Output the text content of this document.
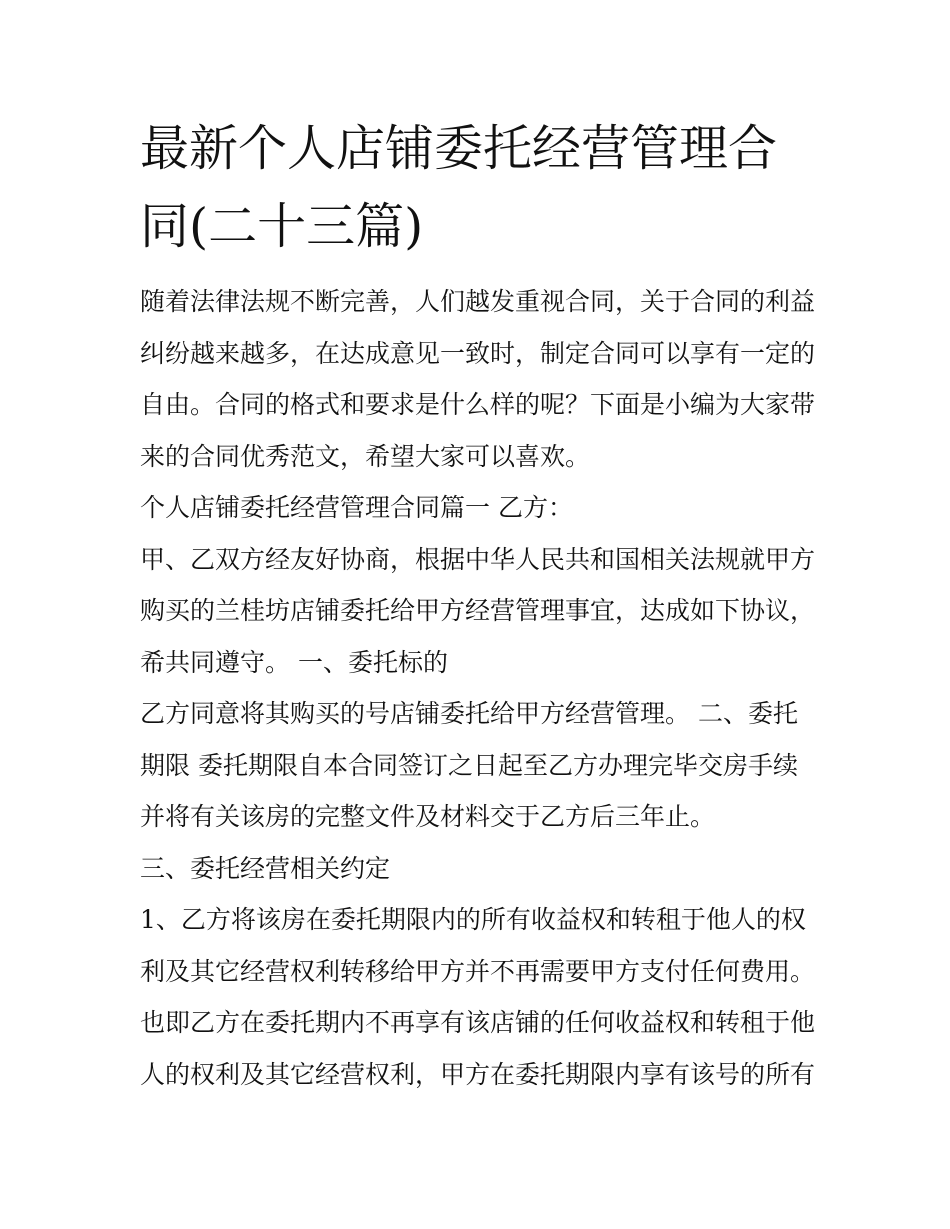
最新个人店铺委托经营管理合
同(二十三篇)
随着法律法规不断完善，人们越发重视合同，关于合同的利益
纠纷越来越多，在达成意见一致时，制定合同可以享有一定的
自由。合同的格式和要求是什么样的呢？下面是小编为大家带
来的合同优秀范文，希望大家可以喜欢。
个人店铺委托经营管理合同篇一 乙方：
甲、乙双方经友好协商，根据中华人民共和国相关法规就甲方
购买的兰桂坊店铺委托给甲方经营管理事宜，达成如下协议，
希共同遵守。 一、委托标的
乙方同意将其购买的号店铺委托给甲方经营管理。 二、委托
期限 委托期限自本合同签订之日起至乙方办理完毕交房手续
并将有关该房的完整文件及材料交于乙方后三年止。
三、委托经营相关约定
1、乙方将该房在委托期限内的所有收益权和转租于他人的权
利及其它经营权利转移给甲方并不再需要甲方支付任何费用。
也即乙方在委托期内不再享有该店铺的任何收益权和转租于他
人的权利及其它经营权利，甲方在委托期限内享有该号的所有
